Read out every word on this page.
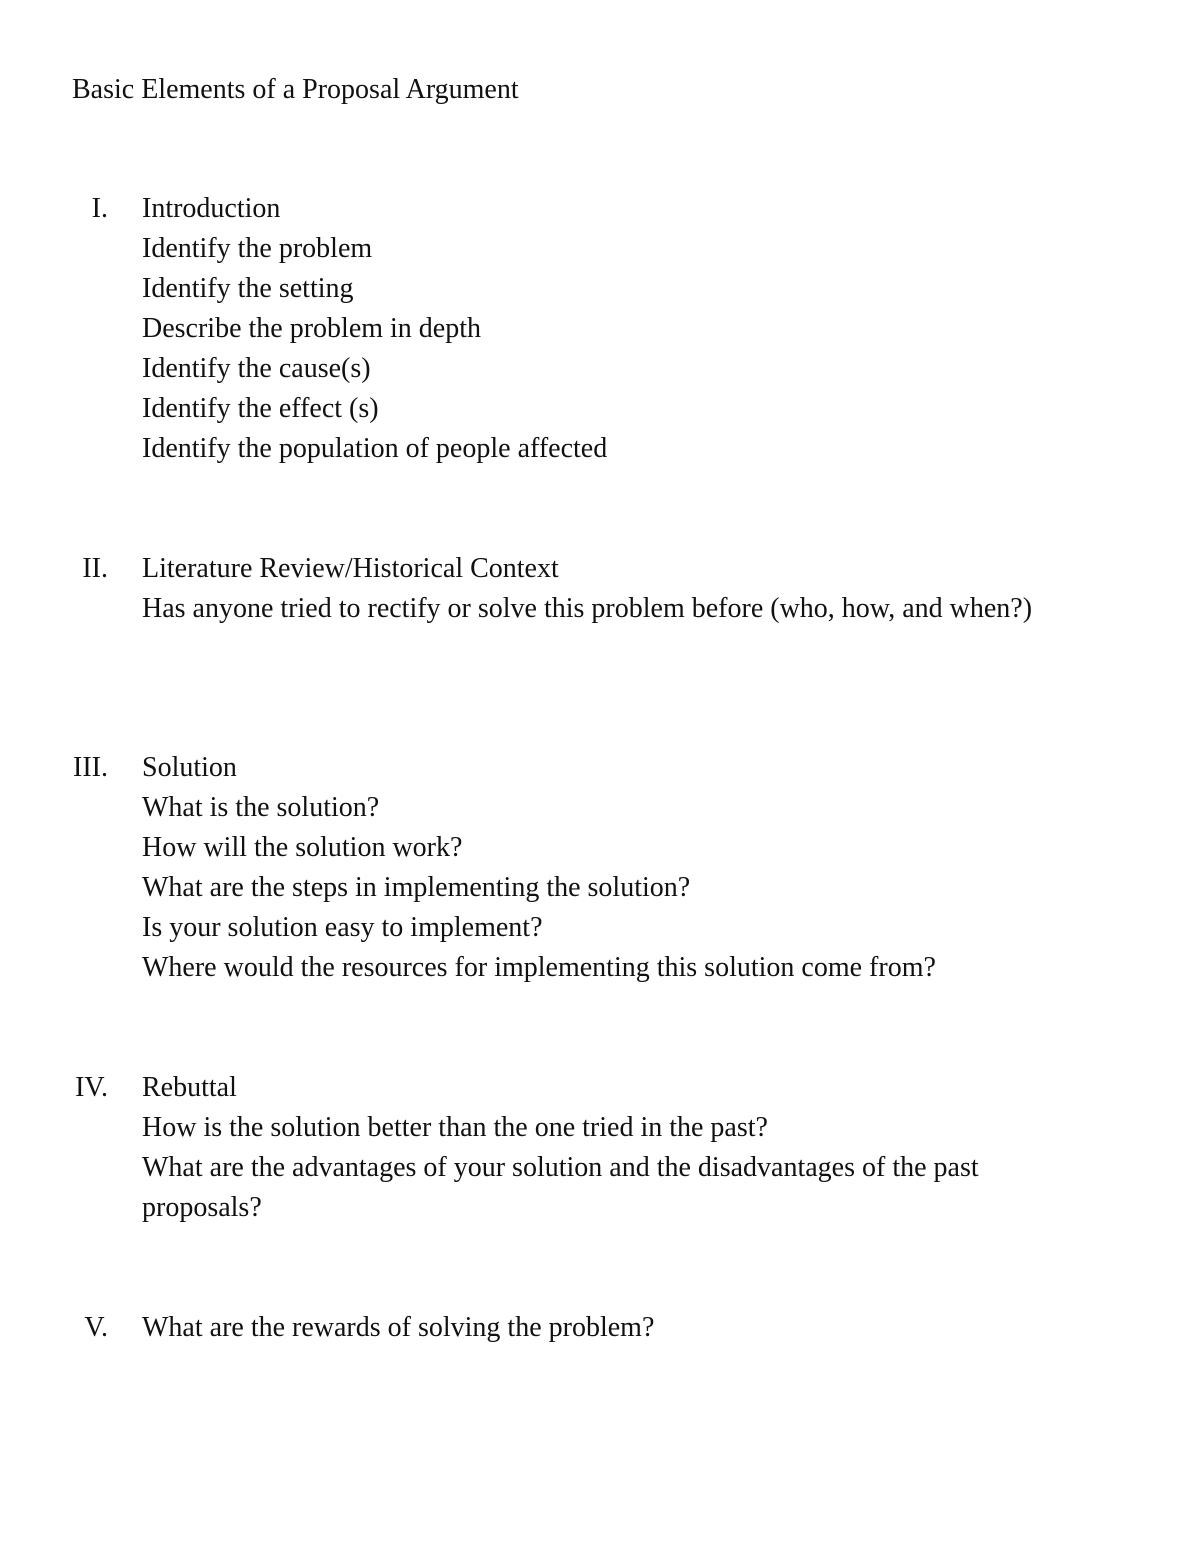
Basic Elements of a Proposal Argument
I. Introduction
Identify the problem
Identify the setting
Describe the problem in depth
Identify the cause(s)
Identify the effect (s)
Identify the population of people affected
II. Literature Review/Historical Context
Has anyone tried to rectify or solve this problem before (who, how, and when?)
III. Solution
What is the solution?
How will the solution work?
What are the steps in implementing the solution?
Is your solution easy to implement?
Where would the resources for implementing this solution come from?
IV. Rebuttal
How is the solution better than the one tried in the past?
What are the advantages of your solution and the disadvantages of the past proposals?
V. What are the rewards of solving the problem?
